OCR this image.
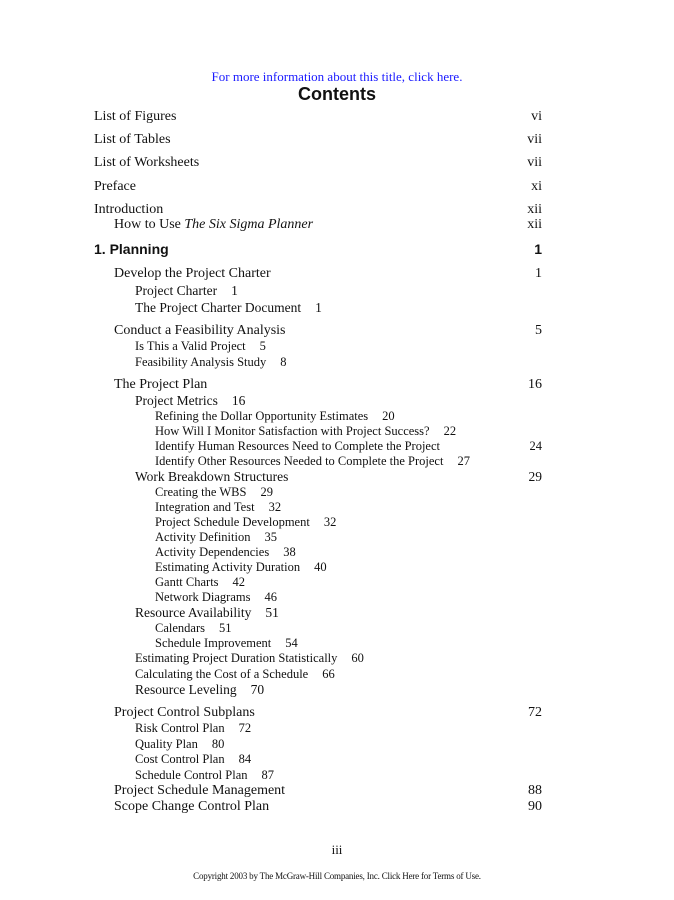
For more information about this title, click here.
Contents
List of Figures	vi
List of Tables	vii
List of Worksheets	vii
Preface	xi
Introduction	xii
How to Use The Six Sigma Planner	xii
1. Planning	1
Develop the Project Charter	1
Project Charter 1
The Project Charter Document 1
Conduct a Feasibility Analysis	5
Is This a Valid Project 5
Feasibility Analysis Study 8
The Project Plan	16
Project Metrics 16
Refining the Dollar Opportunity Estimates 20
How Will I Monitor Satisfaction with Project Success? 22
Identify Human Resources Need to Complete the Project	24
Identify Other Resources Needed to Complete the Project 27
Work Breakdown Structures	29
Creating the WBS 29
Integration and Test 32
Project Schedule Development 32
Activity Definition 35
Activity Dependencies 38
Estimating Activity Duration 40
Gantt Charts 42
Network Diagrams 46
Resource Availability 51
Calendars 51
Schedule Improvement 54
Estimating Project Duration Statistically 60
Calculating the Cost of a Schedule 66
Resource Leveling 70
Project Control Subplans	72
Risk Control Plan 72
Quality Plan 80
Cost Control Plan 84
Schedule Control Plan 87
Project Schedule Management	88
Scope Change Control Plan	90
iii
Copyright 2003 by The McGraw-Hill Companies, Inc. Click Here for Terms of Use.
